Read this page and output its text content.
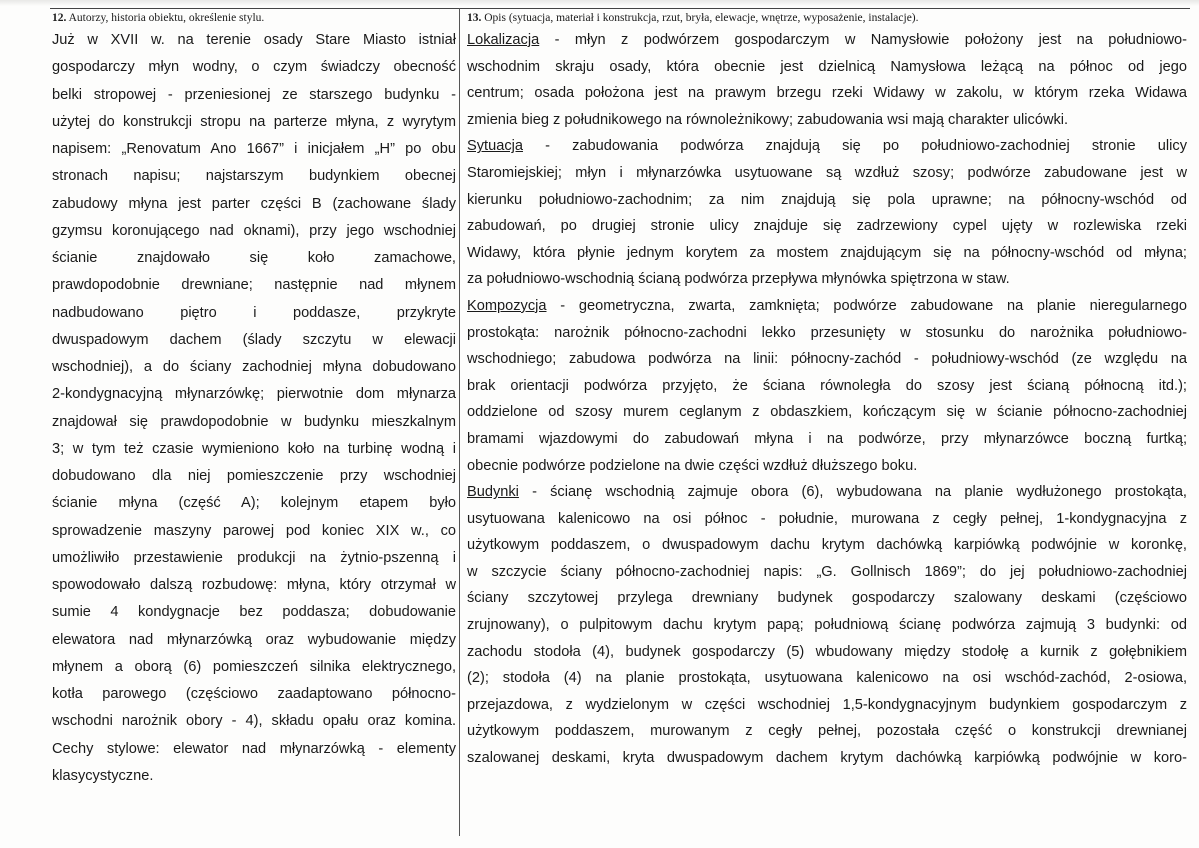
12. Autorzy, historia obiektu, określenie stylu.
Już w XVII w. na terenie osady Stare Miasto istniał
gospodarczy młyn wodny, o czym świadczy obecność
belki stropowej - przeniesionej ze starszego budynku -
użytej do konstrukcji stropu na parterze młyna, z wyrytym
napisem: „Renovatum Ano 1667” i inicjałem „H” po obu
stronach napisu; najstarszym budynkiem obecnej
zabudowy młyna jest parter części B (zachowane ślady
gzymsu koronującego nad oknami), przy jego wschodniej
ścianie znajdowało się koło zamachowe,
prawdopodobnie drewniane; następnie nad młynem
nadbudowano piętro i poddasze, przykryte
dwuspadowym dachem (ślady szczytu w elewacji
wschodniej), a do ściany zachodniej młyna dobudowano
2-kondygnacyjną młynarzówkę; pierwotnie dom młynarza
znajdował się prawdopodobnie w budynku mieszkalnym
3; w tym też czasie wymieniono koło na turbinę wodną i
dobudowano dla niej pomieszczenie przy wschodniej
ścianie młyna (część A); kolejnym etapem było
sprowadzenie maszyny parowej pod koniec XIX w., co
umożliwiło przestawienie produkcji na żytnio-pszenną i
spowodowało dalszą rozbudowę: młyna, który otrzymał w
sumie 4 kondygnacje bez poddasza; dobudowanie
elewatora nad młynarzówką oraz wybudowanie między
młynem a oborą (6) pomieszczeń silnika elektrycznego,
kotła parowego (częściowo zaadaptowano północno-
wschodni narożnik obory - 4), składu opału oraz komina.
Cechy stylowe: elewator nad młynarzówką - elementy
klasycystyczne.
13. Opis (sytuacja, materiał i konstrukcja, rzut, bryła, elewacje, wnętrze, wyposażenie, instalacje).
Lokalizacja - młyn z podwórzem gospodarczym w Namysłowie położony jest na południowo-
wschodnim skraju osady, która obecnie jest dzielnicą Namysłowa leżącą na północ od jego
centrum; osada położona jest na prawym brzegu rzeki Widawy w zakolu, w którym rzeka Widawa
zmienia bieg z południkowego na równoleżnikowy; zabudowania wsi mają charakter ulicówki.
Sytuacja - zabudowania podwórza znajdują się po południowo-zachodniej stronie ulicy
Staromiejskiej; młyn i młynarzówka usytuowane są wzdłuż szosy; podwórze zabudowane jest w
kierunku południowo-zachodnim; za nim znajdują się pola uprawne; na północny-wschód od
zabudowań, po drugiej stronie ulicy znajduje się zadrzewiony cypel ujęty w rozlewiska rzeki
Widawy, która płynie jednym korytem za mostem znajdującym się na północny-wschód od młyna;
za południowo-wschodnią ścianą podwórza przepływa młynówka spiętrzona w staw.
Kompozycja - geometryczna, zwarta, zamknięta; podwórze zabudowane na planie nieregularnego
prostokąta: narożnik północno-zachodni lekko przesunięty w stosunku do narożnika południowo-
wschodniego; zabudowa podwórza na linii: północny-zachód - południowy-wschód (ze względu na
brak orientacji podwórza przyjęto, że ściana równoległa do szosy jest ścianą północną itd.);
oddzielone od szosy murem ceglanym z obdaszkiem, kończącym się w ścianie północno-zachodniej
bramami wjazdowymi do zabudowań młyna i na podwórze, przy młynarzówce boczną furtką;
obecnie podwórze podzielone na dwie części wzdłuż dłuższego boku.
Budynki - ścianę wschodnią zajmuje obora (6), wybudowana na planie wydłużonego prostokąta,
usytuowana kalenicowo na osi północ - południe, murowana z cegły pełnej, 1-kondygnacyjna z
użytkowym poddaszem, o dwuspadowym dachu krytym dachówką karpiówką podwójnie w koronkę,
w szczycie ściany północno-zachodniej napis: „G. Gollnisch 1869”; do jej południowo-zachodniej
ściany szczytowej przylega drewniany budynek gospodarczy szalowany deskami (częściowo
zrujnowany), o pulpitowym dachu krytym papą; południową ścianę podwórza zajmują 3 budynki: od
zachodu stodoła (4), budynek gospodarczy (5) wbudowany między stodołę a kurnik z gołębnikiem
(2); stodoła (4) na planie prostokąta, usytuowana kalenicowo na osi wschód-zachód, 2-osiowa,
przejazdowa, z wydzielonym w części wschodniej 1,5-kondygnacyjnym budynkiem gospodarczym z
użytkowym poddaszem, murowanym z cegły pełnej, pozostała część o konstrukcji drewnianej
szalowanej deskami, kryta dwuspadowym dachem krytym dachówką karpiówką podwójnie w koro-
